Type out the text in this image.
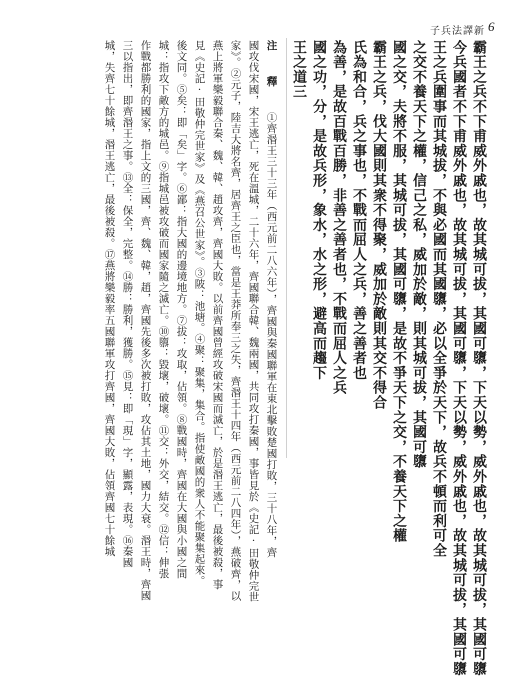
子兵法譯新 6
霸王之兵不下甫威外戚也，故其城可拔，其國可隳，下天以勢，威外戚也，故其城可拔，其國可隳
今兵國者不下甫威外戚也，故其城可拔，其國可隳，下天以勢，威外戚也，故其城可拔，其國可隳
王之兵圍事而其城拔，不與必國而其國隳，必以全爭於天下，故兵不頓而利可全
之交不養天下之權，信己之私，威加於敵，則其城可拔，其國可隳
國之交，夫將不服，其城可拔，其國可隳，是故不爭天下之交，不養天下之權
霸王之兵，伐大國則其衆不得聚，威加於敵則其交不得合
氏為和合，兵之事也，不戰而屈人之兵，善之善者也
為善，是故百戰百勝，非善之善者也，不戰而屈人之兵
國之功，分，是故兵形，象水，水之形，避高而趨下
王之道三
注
釋
①齊湣王三十三年（西元前二八六年），齊國與秦國聯軍在東北擊敗楚國打敗，三十八年，齊
國攻伐宋國，宋王逃亡，死在溫城，二十六年，齊國聯合韓、魏兩國，共同攻打秦國，事皆見於《史記·田敬仲完世
家》。②元子，陸吉大將名齊，居齊王之臣也，當是王莽所奉三之失，齊湣王十四年（西元前二八四年），燕破齊，以
燕上將軍樂毅聯合秦、魏、韓、趙攻齊，齊國大敗。以前齊國曾經攻破宋國而滅亡，於是湣王逃亡，最後被殺，事
見《史記·田敬仲完世家》及《燕召公世家》。③陂：池塘。④聚：聚集，集合。指使敵國的衆人不能聚集起來。
後文同。⑤矣：即「矣」字。⑥鄙：指大國的邊境地方。⑦拔：攻取，佔領。⑧戰國時，齊國在大國與小國之間
城：指攻下敵方的城邑。⑨指城邑被攻破而國家隨之滅亡。⑩隳：毀壞，破壞。⑪交：外交，結交。⑫信：伸張
作戰都勝利的國家，指上文的三國，齊、魏、韓，趙，齊國先後多次被打敗，攻佔其土地，國力大衰。湣王時，齊國
三以指出，即齊湣王之事。⑬全：保全，完整。⑭勝：勝利，獲勝。⑮見：即「現」字，顯露，表現。⑯秦國
城，失齊七十餘城，湣王逃亡，最後被殺。⑰燕將樂毅率五國聯軍攻打齊國，齊國大敗，佔領齊國七十餘城
